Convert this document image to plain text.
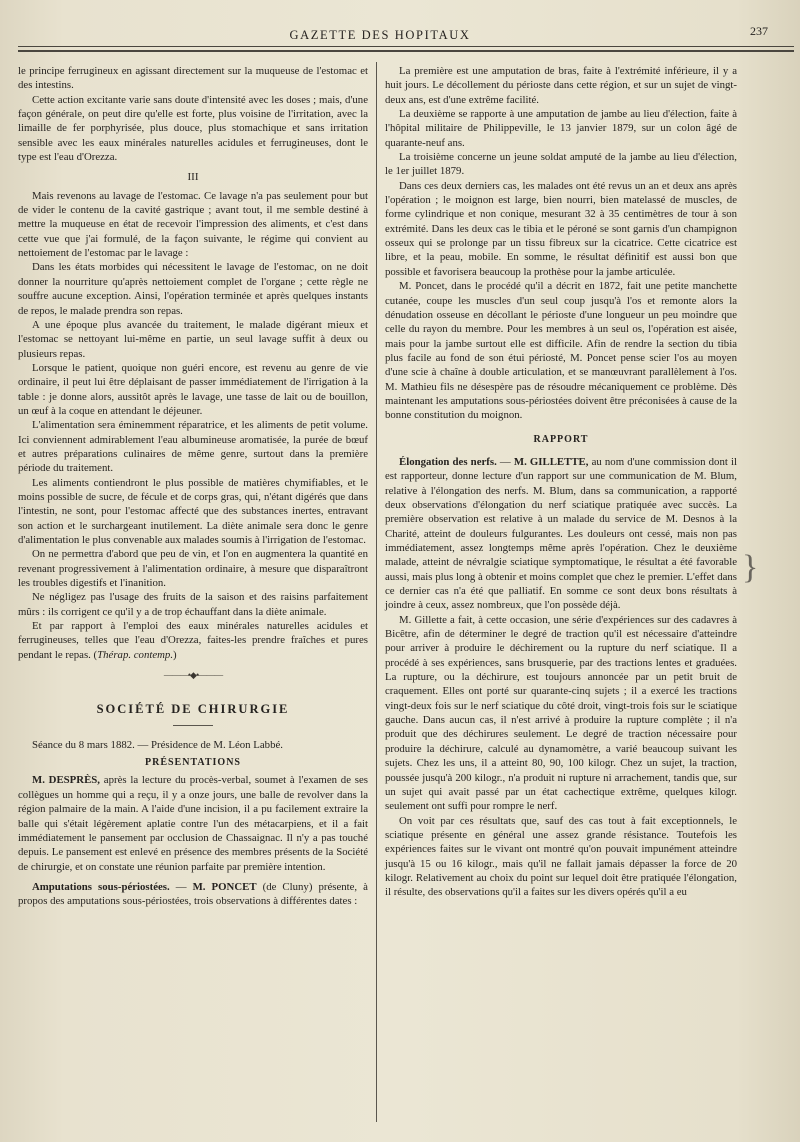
GAZETTE DES HOPITAUX	237

le principe ferrugineux en agissant directement sur la muqueuse de l'estomac et des intestins.

Cette action excitante varie sans doute d'intensité avec les doses ; mais, d'une façon générale, on peut dire qu'elle est forte, plus voisine de l'irritation, avec la limaille de fer porphyrisée, plus douce, plus stomachique et sans irritation sensible avec les eaux minérales naturelles acidules et ferrugineuses, dont le type est l'eau d'Orezza.

III

Mais revenons au lavage de l'estomac. Ce lavage n'a pas seulement pour but de vider le contenu de la cavité gastrique ; avant tout, il me semble destiné à mettre la muqueuse en état de recevoir l'impression des aliments, et c'est dans cette vue que j'ai formulé, de la façon suivante, le régime qui convient au nettoiement de l'estomac par le lavage :

Dans les états morbides qui nécessitent le lavage de l'estomac, on ne doit donner la nourriture qu'après nettoiement complet de l'organe ; cette règle ne souffre aucune exception. Ainsi, l'opération terminée et après quelques instants de repos, le malade prendra son repas.

A une époque plus avancée du traitement, le malade digérant mieux et l'estomac se nettoyant lui-même en partie, un seul lavage suffit à deux ou plusieurs repas.

Lorsque le patient, quoique non guéri encore, est revenu au genre de vie ordinaire, il peut lui être déplaisant de passer immédiatement de l'irrigation à la table : je donne alors, aussitôt après le lavage, une tasse de lait ou de bouillon, un œuf à la coque en attendant le déjeuner.

L'alimentation sera éminemment réparatrice, et les aliments de petit volume. Ici conviennent admirablement l'eau albumineuse aromatisée, la purée de bœuf et autres préparations culinaires de même genre, surtout dans la première période du traitement.

Les aliments contiendront le plus possible de matières chymifiables, et le moins possible de sucre, de fécule et de corps gras, qui, n'étant digérés que dans l'intestin, ne sont, pour l'estomac affecté que des substances inertes, entravant son action et le surchargeant inutilement. La diète animale sera donc le genre d'alimentation le plus convenable aux malades soumis à l'irrigation de l'estomac.

On ne permettra d'abord que peu de vin, et l'on en augmentera la quantité en revenant progressivement à l'alimentation ordinaire, à mesure que disparaîtront les troubles digestifs et l'inanition.

Ne négligez pas l'usage des fruits de la saison et des raisins parfaitement mûrs : ils corrigent ce qu'il y a de trop échauffant dans la diète animale.

Et par rapport à l'emploi des eaux minérales naturelles acidules et ferrugineuses, telles que l'eau d'Orezza, faites-les prendre fraîches et pures pendant le repas. (Thérap. contemp.)

———•◆•———
SOCIÉTÉ DE CHIRURGIE

Séance du 8 mars 1882. — Présidence de M. Léon Labbé.

PRÉSENTATIONS

M. DESPRÈS, après la lecture du procès-verbal, soumet à l'examen de ses collègues un homme qui a reçu, il y a onze jours, une balle de revolver dans la région palmaire de la main. A l'aide d'une incision, il a pu facilement extraire la balle qui s'était légèrement aplatie contre l'un des métacarpiens, et il a fait immédiatement le pansement par occlusion de Chassaignac. Il n'y a pas touché depuis. Le pansement est enlevé en présence des membres présents de la Société de chirurgie, et on constate une réunion parfaite par première intention.

Amputations sous-périostées. — M. PONCET (de Cluny) présente, à propos des amputations sous-périostées, trois observations à différentes dates :

La première est une amputation de bras, faite à l'extrémité inférieure, il y a huit jours. Le décollement du périoste dans cette région, et sur un sujet de vingt-deux ans, est d'une extrême facilité.

La deuxième se rapporte à une amputation de jambe au lieu d'élection, faite à l'hôpital militaire de Philippeville, le 13 janvier 1879, sur un colon âgé de quarante-neuf ans.

La troisième concerne un jeune soldat amputé de la jambe au lieu d'élection, le 1er juillet 1879.

Dans ces deux derniers cas, les malades ont été revus un an et deux ans après l'opération ; le moignon est large, bien nourri, bien matelassé de muscles, de forme cylindrique et non conique, mesurant 32 à 35 centimètres de tour à son extrémité. Dans les deux cas le tibia et le péroné se sont garnis d'un champignon osseux qui se prolonge par un tissu fibreux sur la cicatrice. Cette cicatrice est libre, et la peau, mobile. En somme, le résultat définitif est aussi bon que possible et favorisera beaucoup la prothèse pour la jambe articulée.

M. Poncet, dans le procédé qu'il a décrit en 1872, fait une petite manchette cutanée, coupe les muscles d'un seul coup jusqu'à l'os et remonte alors la dénudation osseuse en décollant le périoste d'une longueur un peu moindre que celle du rayon du membre. Pour les membres à un seul os, l'opération est aisée, mais pour la jambe surtout elle est difficile. Afin de rendre la section du tibia plus facile au fond de son étui périosté, M. Poncet pense scier l'os au moyen d'une scie à chaîne à double articulation, et se manœuvrant parallèlement à l'os. M. Mathieu fils ne désespère pas de résoudre mécaniquement ce problème. Dès maintenant les amputations sous-périostées doivent être préconisées à cause de la bonne constitution du moignon.

RAPPORT

Élongation des nerfs. — M. GILLETTE, au nom d'une commission dont il est rapporteur, donne lecture d'un rapport sur une communication de M. Blum, relative à l'élongation des nerfs. M. Blum, dans sa communication, a rapporté deux observations d'élongation du nerf sciatique pratiquée avec succès. La première observation est relative à un malade du service de M. Desnos à la Charité, atteint de douleurs fulgurantes. Les douleurs ont cessé, mais non pas immédiatement, assez longtemps même après l'opération. Chez le deuxième malade, atteint de névralgie sciatique symptomatique, le résultat a été favorable aussi, mais plus long à obtenir et moins complet que chez le premier. L'effet dans ce dernier cas n'a été que palliatif. En somme ce sont deux bons résultats à joindre à ceux, assez nombreux, que l'on possède déjà.

M. Gillette a fait, à cette occasion, une série d'expériences sur des cadavres à Bicêtre, afin de déterminer le degré de traction qu'il est nécessaire d'atteindre pour arriver à produire le déchirement ou la rupture du nerf sciatique. Il a procédé à ses expériences, sans brusquerie, par des tractions lentes et graduées. La rupture, ou la déchirure, est toujours annoncée par un petit bruit de craquement. Elles ont porté sur quarante-cinq sujets ; il a exercé les tractions vingt-deux fois sur le nerf sciatique du côté droit, vingt-trois fois sur le sciatique gauche. Dans aucun cas, il n'est arrivé à produire la rupture complète ; il n'a produit que des déchirures seulement. Le degré de traction nécessaire pour produire la déchirure, calculé au dynamomètre, a varié beaucoup suivant les sujets. Chez les uns, il a atteint 80, 90, 100 kilogr. Chez un sujet, la traction, poussée jusqu'à 200 kilogr., n'a produit ni rupture ni arrachement, tandis que, sur un sujet qui avait passé par un état cachectique extrême, quelques kilogr. seulement ont suffi pour rompre le nerf.

On voit par ces résultats que, sauf des cas tout à fait exceptionnels, le sciatique présente en général une assez grande résistance. Toutefois les expériences faites sur le vivant ont montré qu'on pouvait impunément atteindre jusqu'à 15 ou 16 kilogr., mais qu'il ne fallait jamais dépasser la force de 20 kilogr. Relativement au choix du point sur lequel doit être pratiquée l'élongation, il résulte, des observations qu'il a faites sur les divers opérés qu'il a eu

}
